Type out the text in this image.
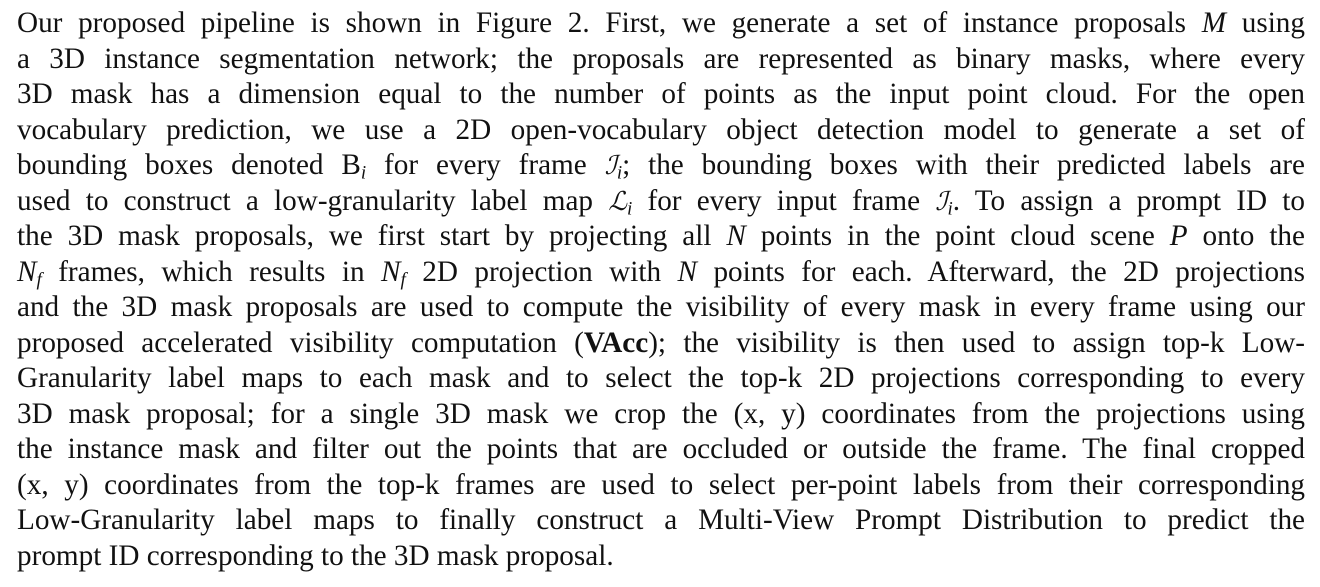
Our proposed pipeline is shown in Figure 2. First, we generate a set of instance proposals M using
a 3D instance segmentation network; the proposals are represented as binary masks, where every
3D mask has a dimension equal to the number of points as the input point cloud. For the open
vocabulary prediction, we use a 2D open-vocabulary object detection model to generate a set of
bounding boxes denoted $B_i$ for every frame ℐ$_i$; the bounding boxes with their predicted labels are
used to construct a low-granularity label map ℒ$_i$ for every input frame ℐ$_i$. To assign a prompt ID to
the 3D mask proposals, we first start by projecting all N points in the point cloud scene P onto the
$N_f$ frames, which results in $N_f$ 2D projection with N points for each. Afterward, the 2D projections
and the 3D mask proposals are used to compute the visibility of every mask in every frame using our
proposed accelerated visibility computation (VAcc); the visibility is then used to assign top-k Low-
Granularity label maps to each mask and to select the top-k 2D projections corresponding to every
3D mask proposal; for a single 3D mask we crop the (x, y) coordinates from the projections using
the instance mask and filter out the points that are occluded or outside the frame. The final cropped
(x, y) coordinates from the top-k frames are used to select per-point labels from their corresponding
Low-Granularity label maps to finally construct a Multi-View Prompt Distribution to predict the
prompt ID corresponding to the 3D mask proposal.
